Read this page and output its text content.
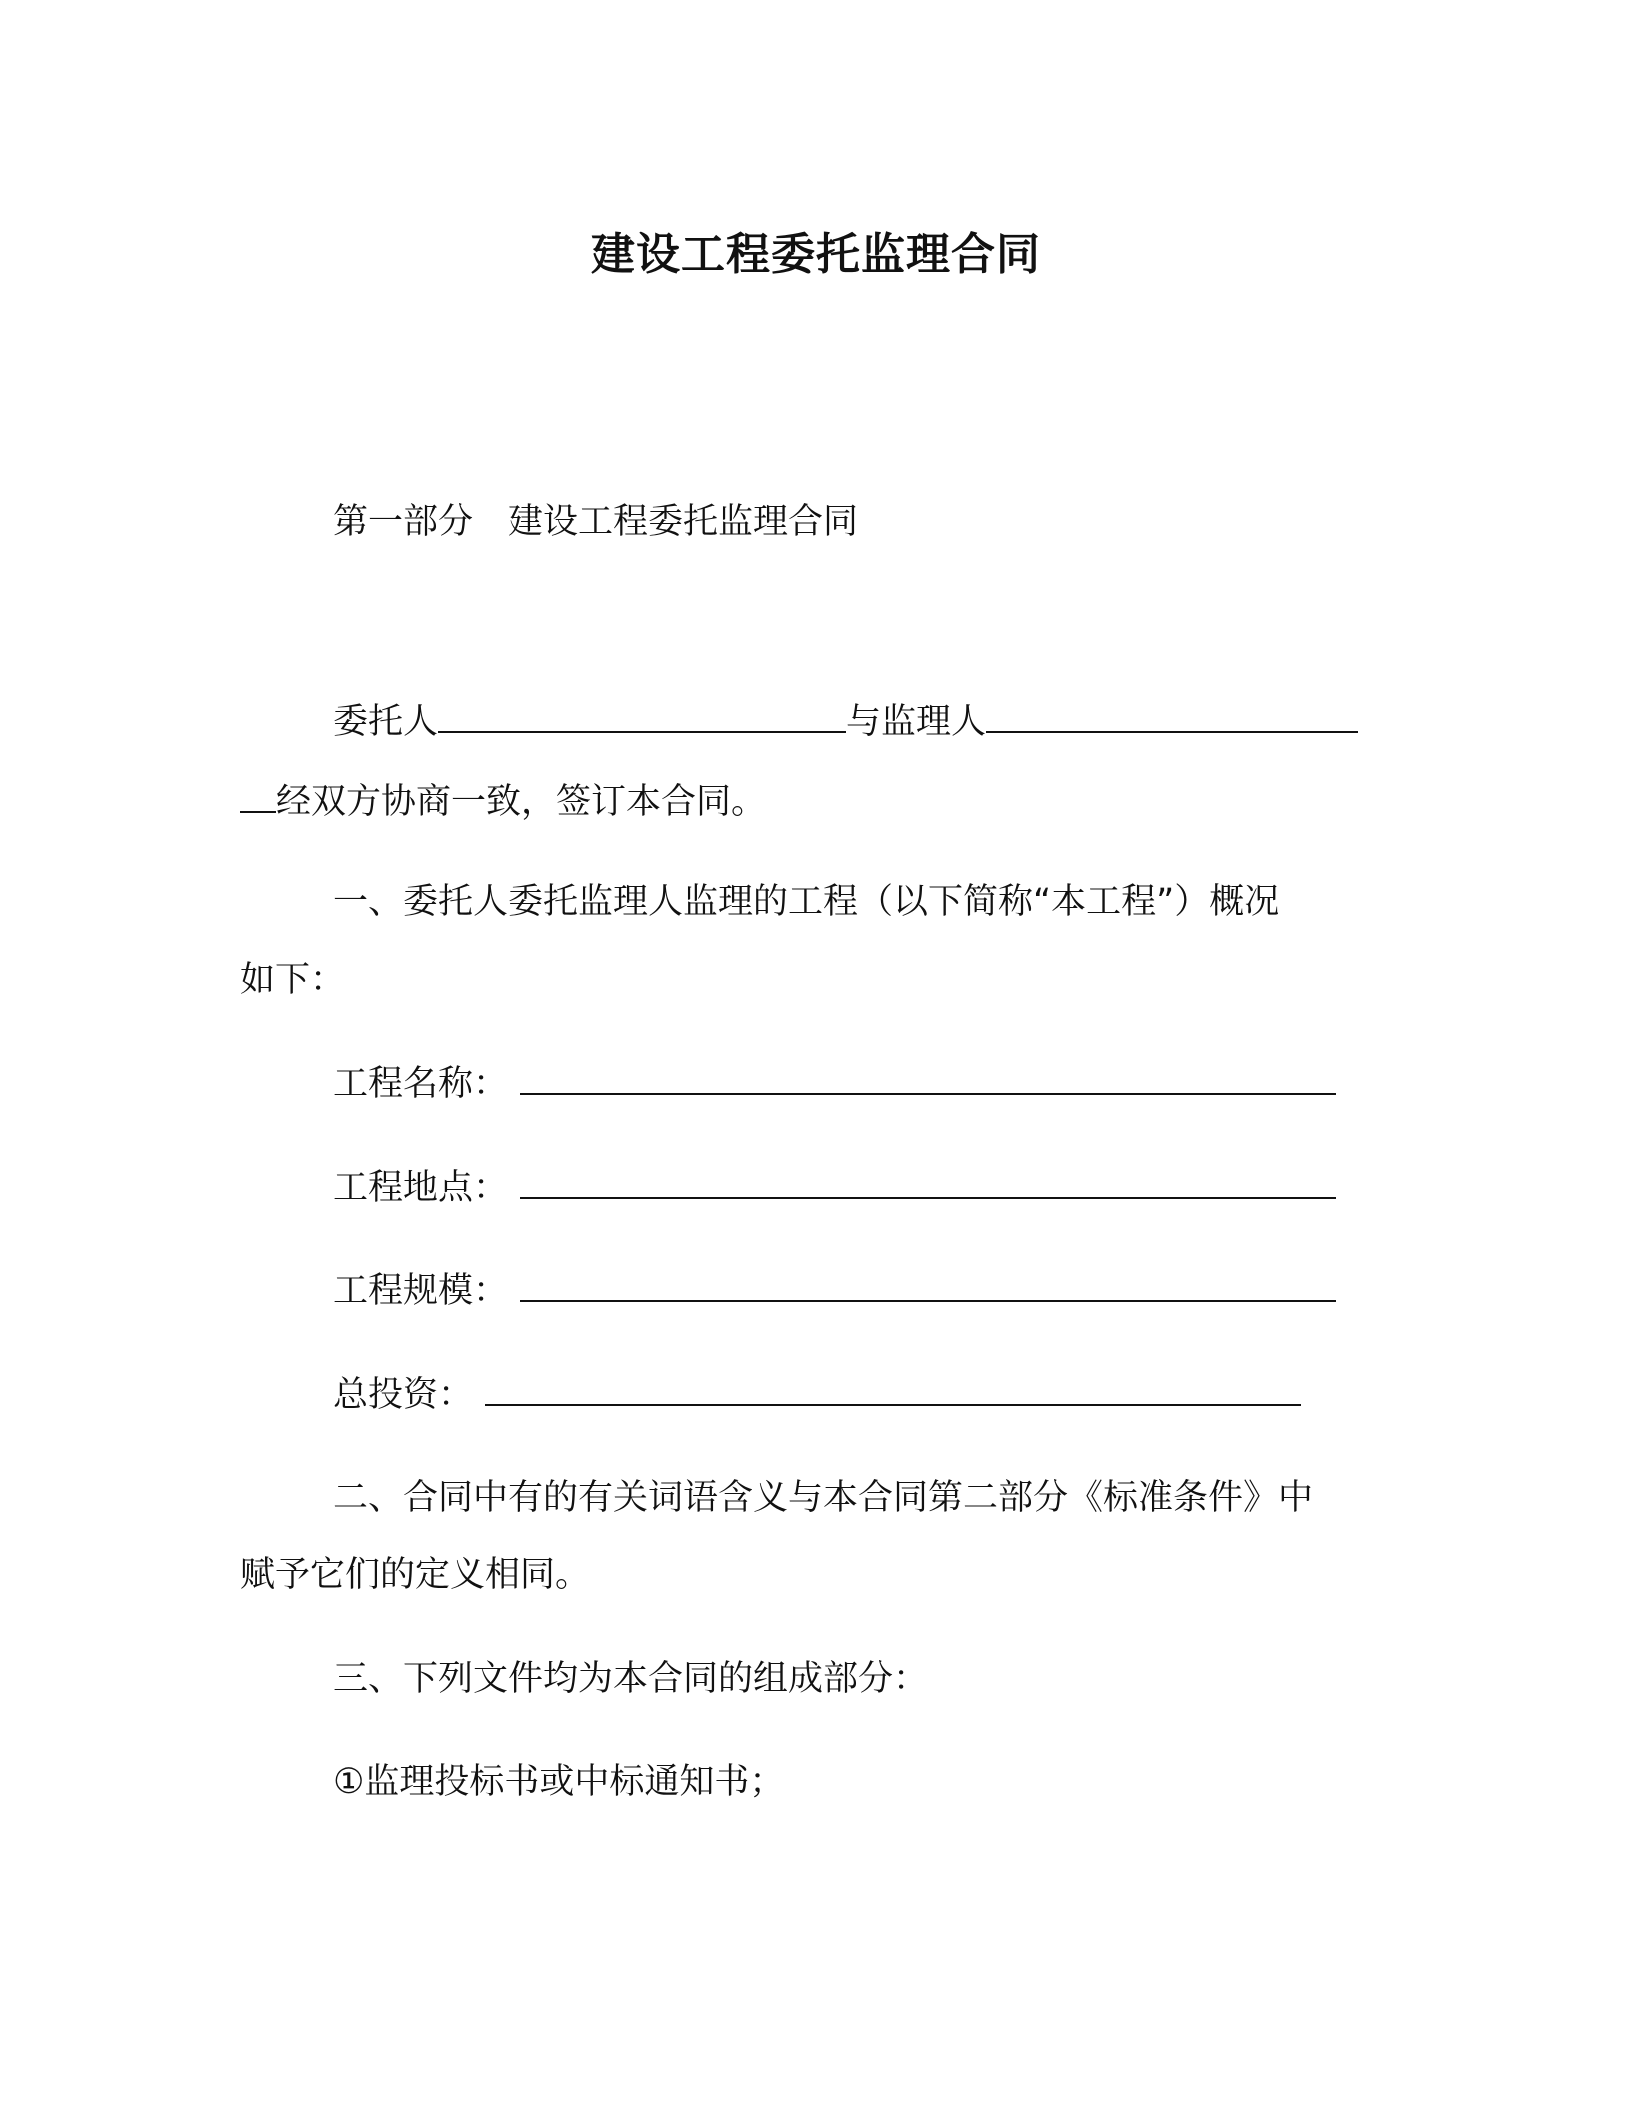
建设工程委托监理合同
第一部分　建设工程委托监理合同
委托人	与监理人
经双方协商一致，签订本合同。
一、委托人委托监理人监理的工程（以下简称“本工程”）概况
如下：
工程名称：
工程地点：
工程规模：
总投资：
二、合同中有的有关词语含义与本合同第二部分《标准条件》中
赋予它们的定义相同。
三、下列文件均为本合同的组成部分：
①监理投标书或中标通知书；
